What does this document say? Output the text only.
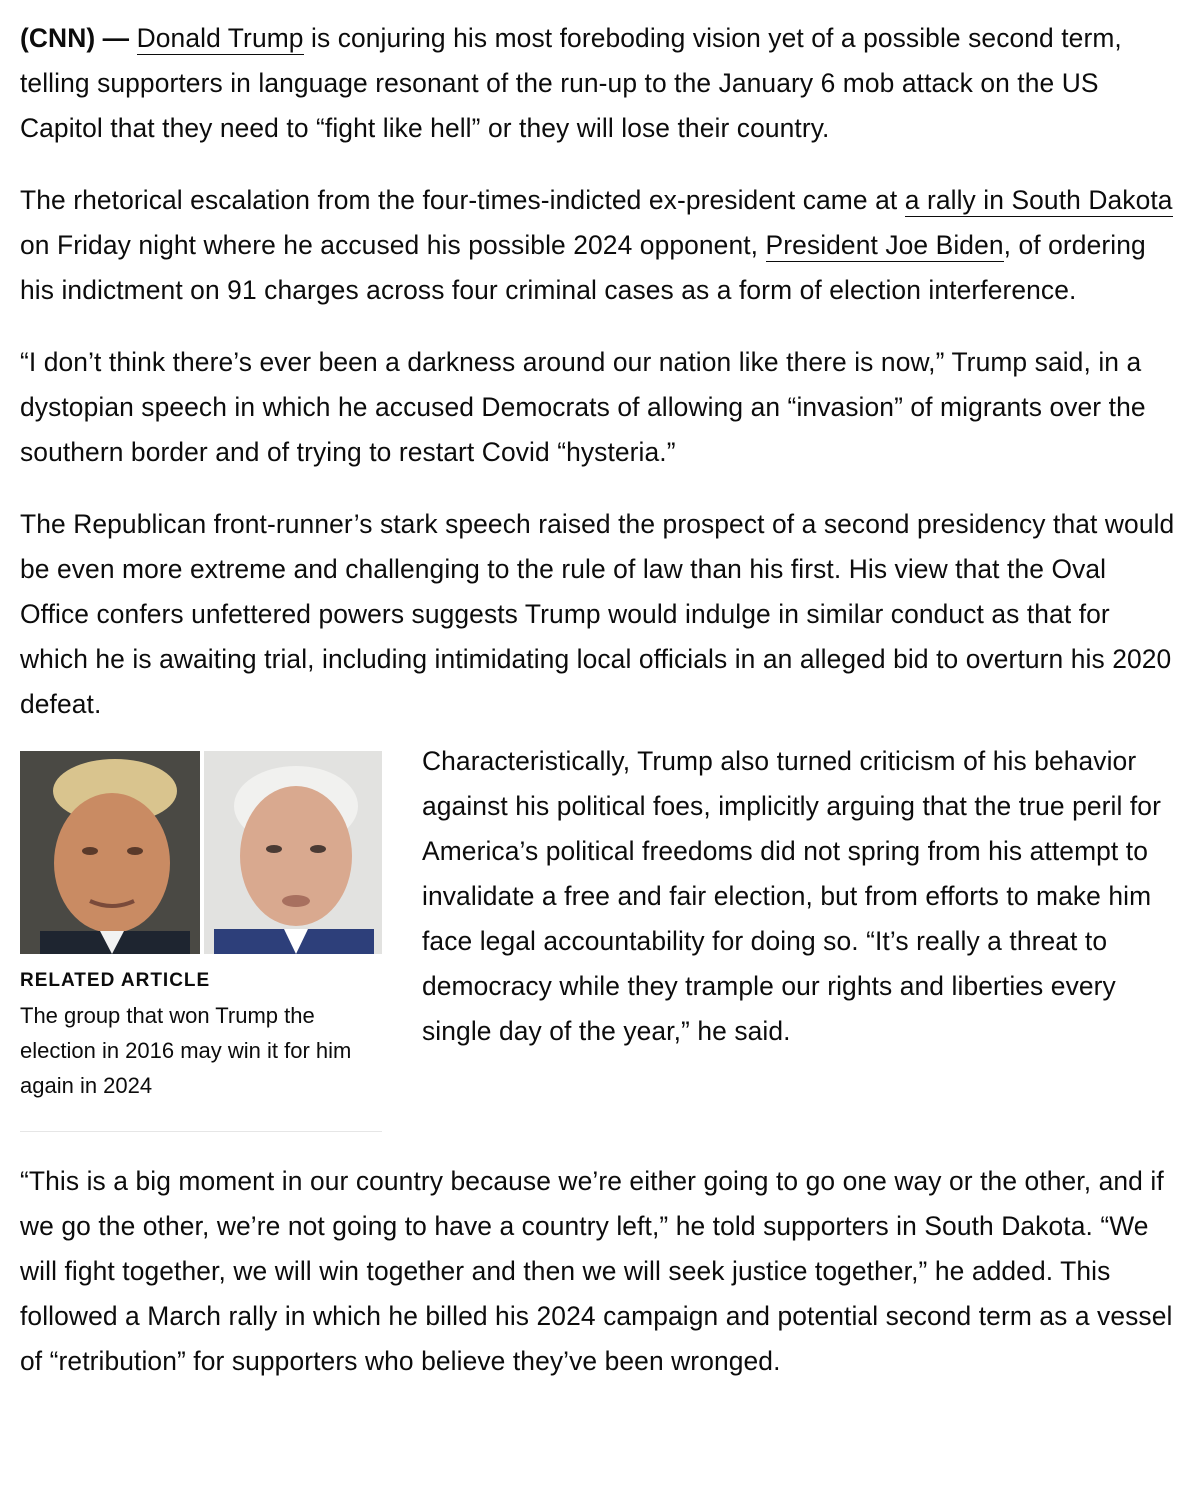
(CNN) — Donald Trump is conjuring his most foreboding vision yet of a possible second term, telling supporters in language resonant of the run-up to the January 6 mob attack on the US Capitol that they need to “fight like hell” or they will lose their country.

The rhetorical escalation from the four-times-indicted ex-president came at a rally in South Dakota on Friday night where he accused his possible 2024 opponent, President Joe Biden, of ordering his indictment on 91 charges across four criminal cases as a form of election interference.

“I don’t think there’s ever been a darkness around our nation like there is now,” Trump said, in a dystopian speech in which he accused Democrats of allowing an “invasion” of migrants over the southern border and of trying to restart Covid “hysteria.”

The Republican front-runner’s stark speech raised the prospect of a second presidency that would be even more extreme and challenging to the rule of law than his first. His view that the Oval Office confers unfettered powers suggests Trump would indulge in similar conduct as that for which he is awaiting trial, including intimidating local officials in an alleged bid to overturn his 2020 defeat.

RELATED ARTICLE
The group that won Trump the election in 2016 may win it for him again in 2024

Characteristically, Trump also turned criticism of his behavior against his political foes, implicitly arguing that the true peril for America’s political freedoms did not spring from his attempt to invalidate a free and fair election, but from efforts to make him face legal accountability for doing so. “It’s really a threat to democracy while they trample our rights and liberties every single day of the year,” he said.

“This is a big moment in our country because we’re either going to go one way or the other, and if we go the other, we’re not going to have a country left,” he told supporters in South Dakota. “We will fight together, we will win together and then we will seek justice together,” he added. This followed a March rally in which he billed his 2024 campaign and potential second term as a vessel of “retribution” for supporters who believe they’ve been wronged.
